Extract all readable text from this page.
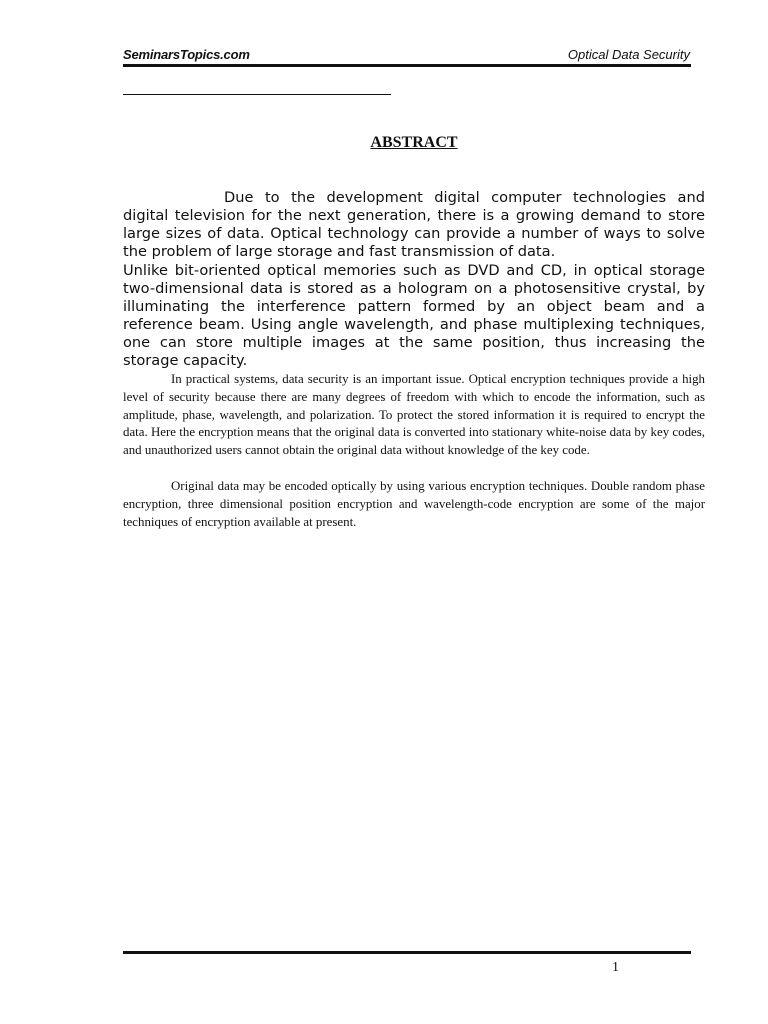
SeminarsTopics.com	Optical Data Security
ABSTRACT

Due to the development digital computer technologies and digital television for the next generation, there is a growing demand to store large sizes of data. Optical technology can provide a number of ways to solve the problem of large storage and fast transmission of data.

Unlike bit-oriented optical memories such as DVD and CD, in optical storage two-dimensional data is stored as a hologram on a photosensitive crystal, by illuminating the interference pattern formed by an object beam and a reference beam. Using angle wavelength, and phase multiplexing techniques, one can store multiple images at the same position, thus increasing the storage capacity.

In practical systems, data security is an important issue. Optical encryption techniques provide a high level of security because there are many degrees of freedom with which to encode the information, such as amplitude, phase, wavelength, and polarization. To protect the stored information it is required to encrypt the data. Here the encryption means that the original data is converted into stationary white-noise data by key codes, and unauthorized users cannot obtain the original data without knowledge of the key code.

Original data may be encoded optically by using various encryption techniques. Double random phase encryption, three dimensional position encryption and wavelength-code encryption are some of the major techniques of encryption available at present.

1
